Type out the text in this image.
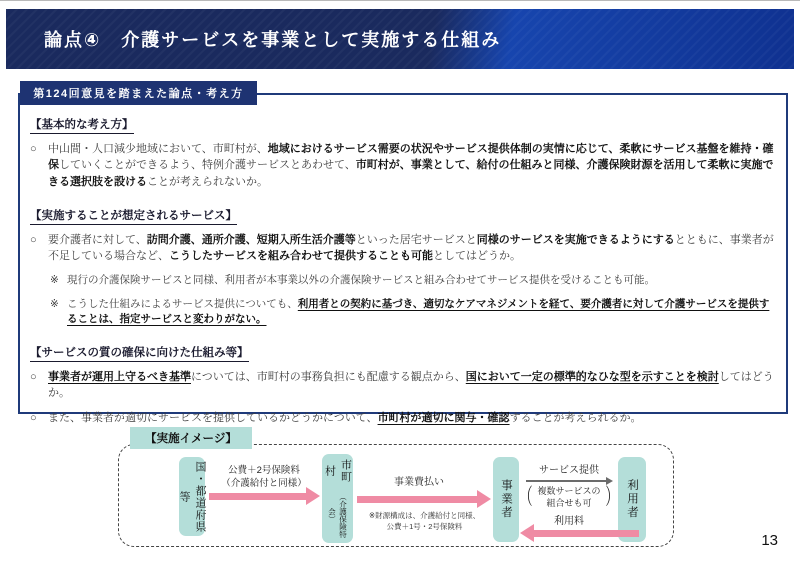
論点④　介護サービスを事業として実施する仕組み
第124回意見を踏まえた論点・考え方
【基本的な考え方】
○	中山間・人口減少地域において、市町村が、地域におけるサービス需要の状況やサービス提供体制の実情に応じて、柔軟にサービス基盤を維持・確保していくことができるよう、特例介護サービスとあわせて、市町村が、事業として、給付の仕組みと同様、介護保険財源を活用して柔軟に実施できる選択肢を設けることが考えられないか。
【実施することが想定されるサービス】
○	要介護者に対して、訪問介護、通所介護、短期入所生活介護等といった居宅サービスと同様のサービスを実施できるようにするとともに、事業者が不足している場合など、こうしたサービスを組み合わせて提供することも可能としてはどうか。
※ 現行の介護保険サービスと同様、利用者が本事業以外の介護保険サービスと組み合わせてサービス提供を受けることも可能。
※ こうした仕組みによるサービス提供についても、利用者との契約に基づき、適切なケアマネジメントを経て、要介護者に対して介護サービスを提供することは、指定サービスと変わりがない。
【サービスの質の確保に向けた仕組み等】
○	事業者が運用上守るべき基準については、市町村の事務負担にも配慮する観点から、国において一定の標準的なひな型を示すことを検討してはどうか。
○	また、事業者が適切にサービスを提供しているかどうかについて、市町村が適切に関与・確認することが考えられるか。
【実施イメージ】
国・都道府県等
市町村
（介護保険特会）	事業者	利用者
公費＋2号保険料
（介護給付と同様）	事業費払い
※財源構成は、介護給付と同様、
公費＋1号・2号保険料
サービス提供
（ 複数サービスの
組合せも可 ）
利用料
13
